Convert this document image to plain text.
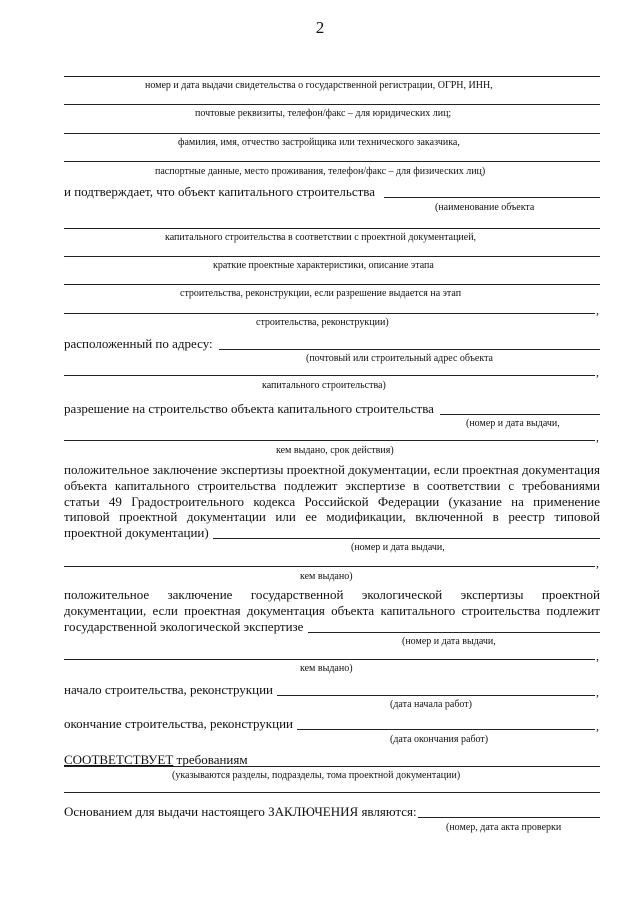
2
номер и дата выдачи свидетельства о государственной регистрации, ОГРН, ИНН,
почтовые реквизиты, телефон/факс – для юридических лиц;
фамилия, имя, отчество застройщика или технического заказчика,
паспортные данные, место проживания, телефон/факс – для физических лиц)
и подтверждает, что объект капитального строительства
(наименование объекта
капитального строительства в соответствии с проектной документацией,
краткие проектные характеристики, описание этапа
строительства, реконструкции, если разрешение выдается на этап
,
строительства, реконструкции)
расположенный по адресу:
(почтовый или строительный адрес объекта
,
капитального строительства)
разрешение на строительство объекта капитального строительства
(номер и дата выдачи,
,
кем выдано, срок действия)
положительное заключение экспертизы проектной документации, если проектная документация
объекта капитального строительства подлежит экспертизе в соответствии с требованиями
статьи 49 Градостроительного кодекса Российской Федерации (указание на применение
типовой проектной документации или ее модификации, включенной в реестр типовой
проектной документации)
(номер и дата выдачи,
,
кем выдано)
положительное заключение государственной экологической экспертизы проектной
документации, если проектная документация объекта капитального строительства подлежит
государственной экологической экспертизе
(номер и дата выдачи,
,
кем выдано)
начало строительства, реконструкции	,
(дата начала работ)
окончание строительства, реконструкции	,
(дата окончания работ)
СООТВЕТСТВУЕТ требованиям
(указываются разделы, подразделы, тома проектной документации)
Основанием для выдачи настоящего ЗАКЛЮЧЕНИЯ являются:
(номер, дата акта проверки
